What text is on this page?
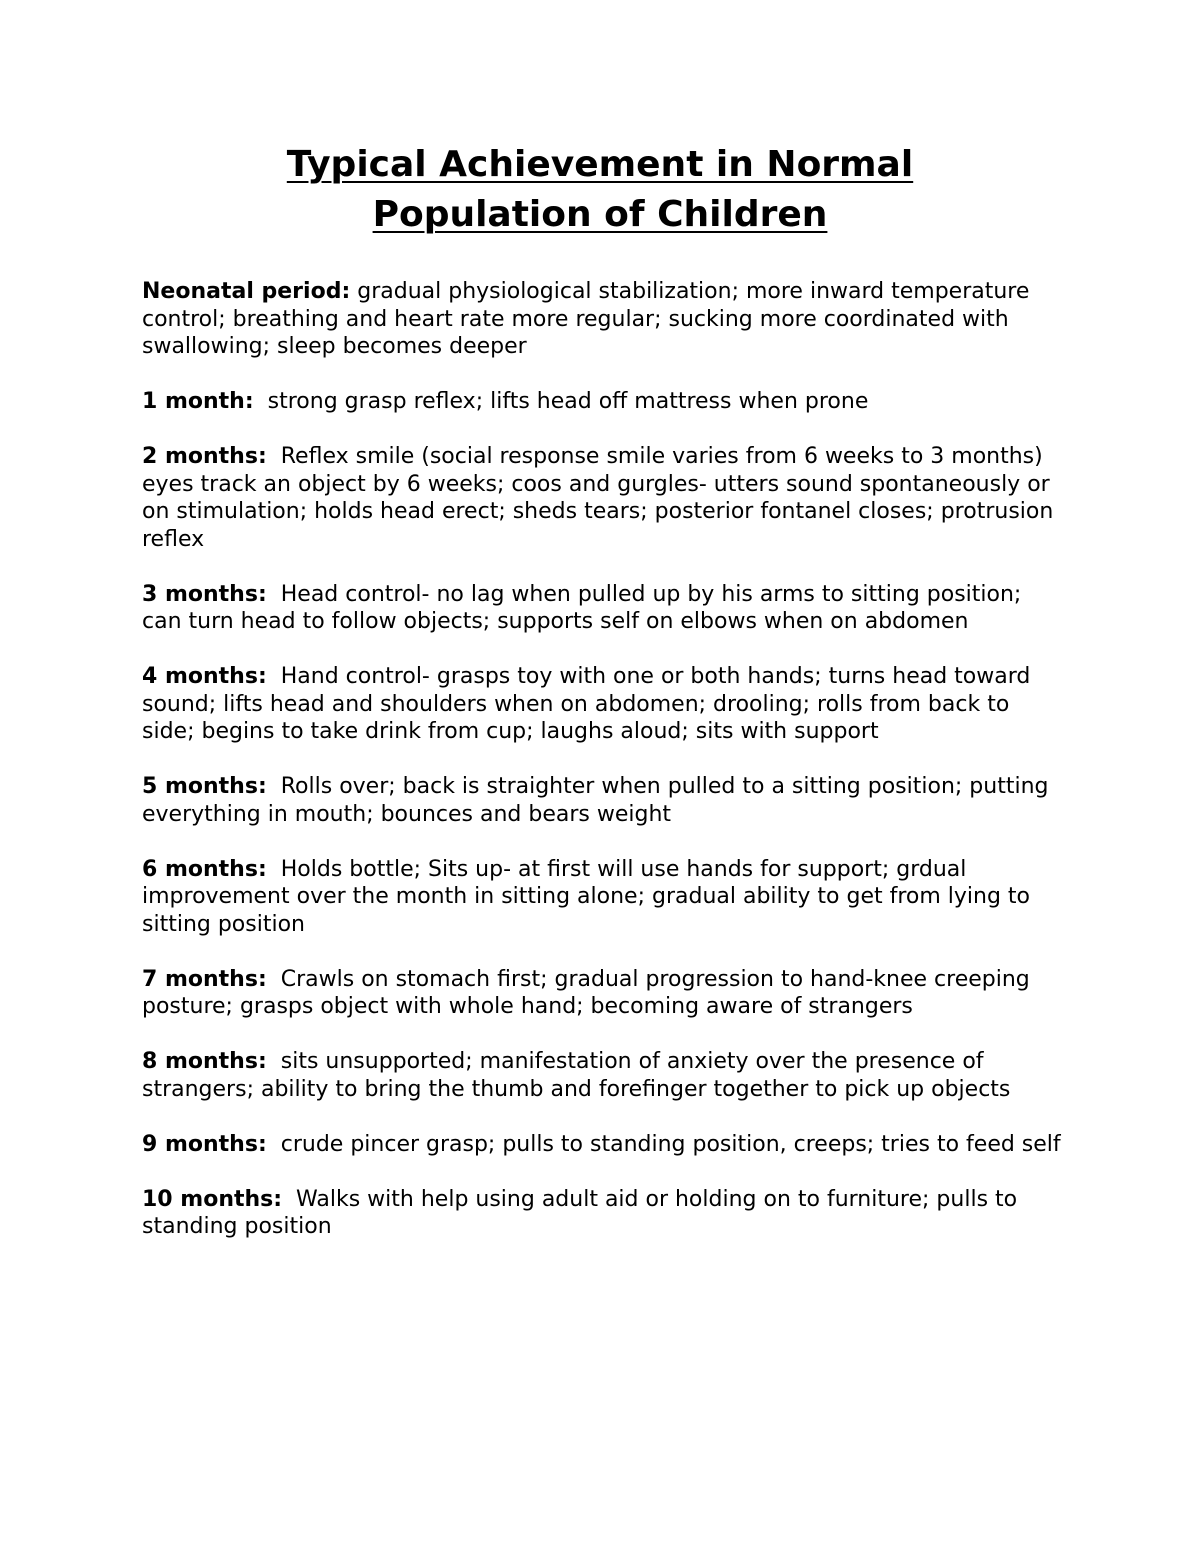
Typical Achievement in Normal
Population of Children

Neonatal period: gradual physiological stabilization; more inward temperature control; breathing and heart rate more regular; sucking more coordinated with swallowing; sleep becomes deeper

1 month: strong grasp reflex; lifts head off mattress when prone

2 months: Reflex smile (social response smile varies from 6 weeks to 3 months) eyes track an object by 6 weeks; coos and gurgles- utters sound spontaneously or on stimulation; holds head erect; sheds tears; posterior fontanel closes; protrusion reflex

3 months: Head control- no lag when pulled up by his arms to sitting position; can turn head to follow objects; supports self on elbows when on abdomen

4 months: Hand control- grasps toy with one or both hands; turns head toward sound; lifts head and shoulders when on abdomen; drooling; rolls from back to side; begins to take drink from cup; laughs aloud; sits with support

5 months: Rolls over; back is straighter when pulled to a sitting position; putting everything in mouth; bounces and bears weight

6 months: Holds bottle; Sits up- at first will use hands for support; grdual improvement over the month in sitting alone; gradual ability to get from lying to sitting position

7 months: Crawls on stomach first; gradual progression to hand-knee creeping posture; grasps object with whole hand; becoming aware of strangers

8 months: sits unsupported; manifestation of anxiety over the presence of strangers; ability to bring the thumb and forefinger together to pick up objects

9 months: crude pincer grasp; pulls to standing position, creeps; tries to feed self

10 months: Walks with help using adult aid or holding on to furniture; pulls to standing position
